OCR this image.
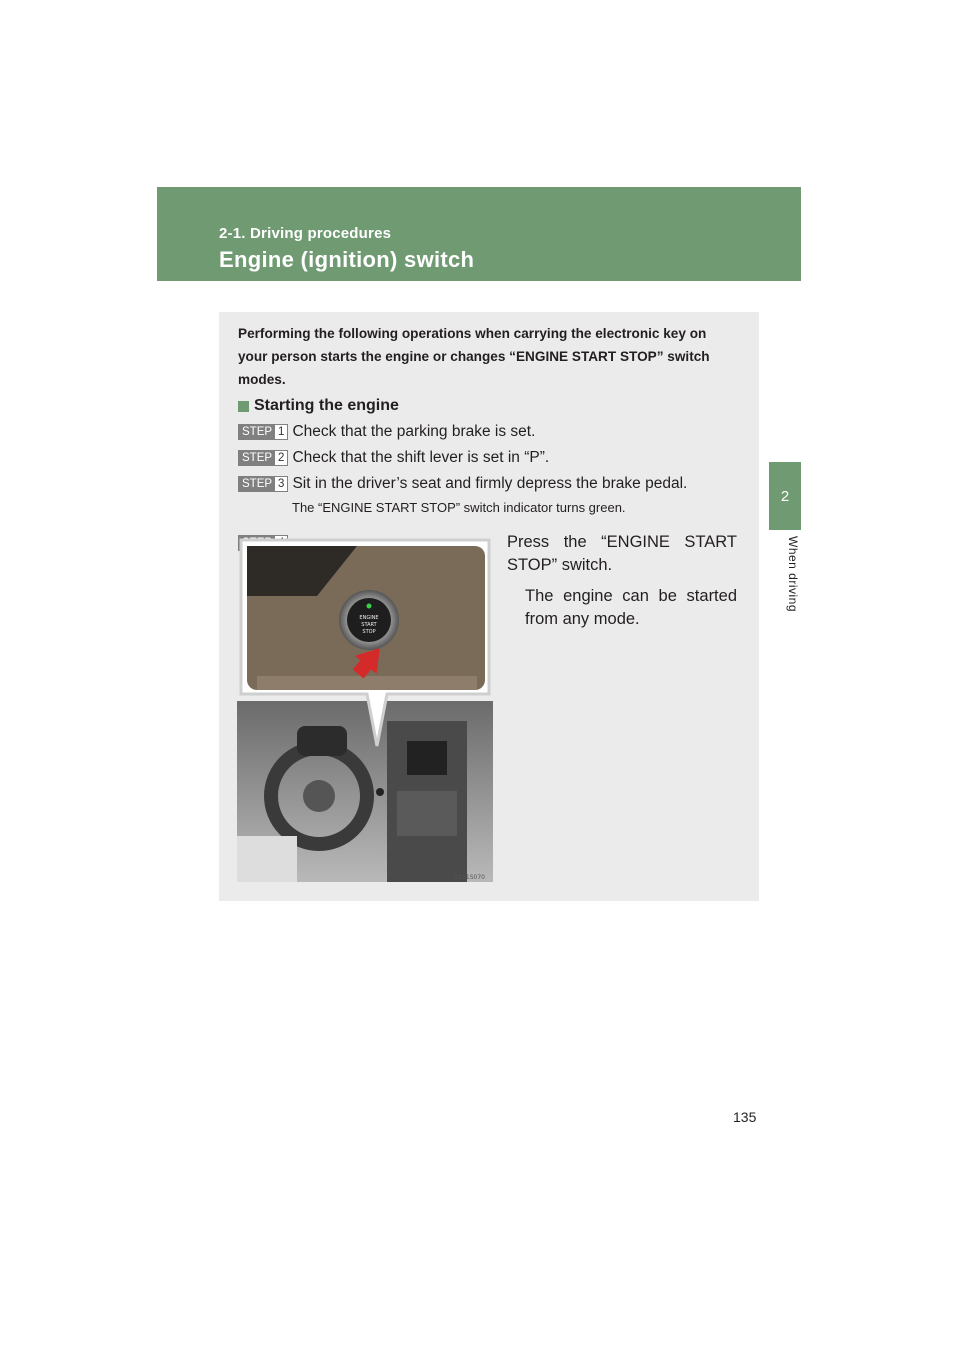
2-1. Driving procedures
Engine (ignition) switch
2
When driving
Performing the following operations when carrying the electronic key on your person starts the engine or changes “ENGINE START STOP” switch modes.
Starting the engine
STEP 1 Check that the parking brake is set.
STEP 2 Check that the shift lever is set in “P”.
STEP 3 Sit in the driver’s seat and firmly depress the brake pedal.
The “ENGINE START STOP” switch indicator turns green.
ENGINE
START
STOP
ILY21S070
Press the “ENGINE START STOP” switch.
The engine can be started from any mode.
135
